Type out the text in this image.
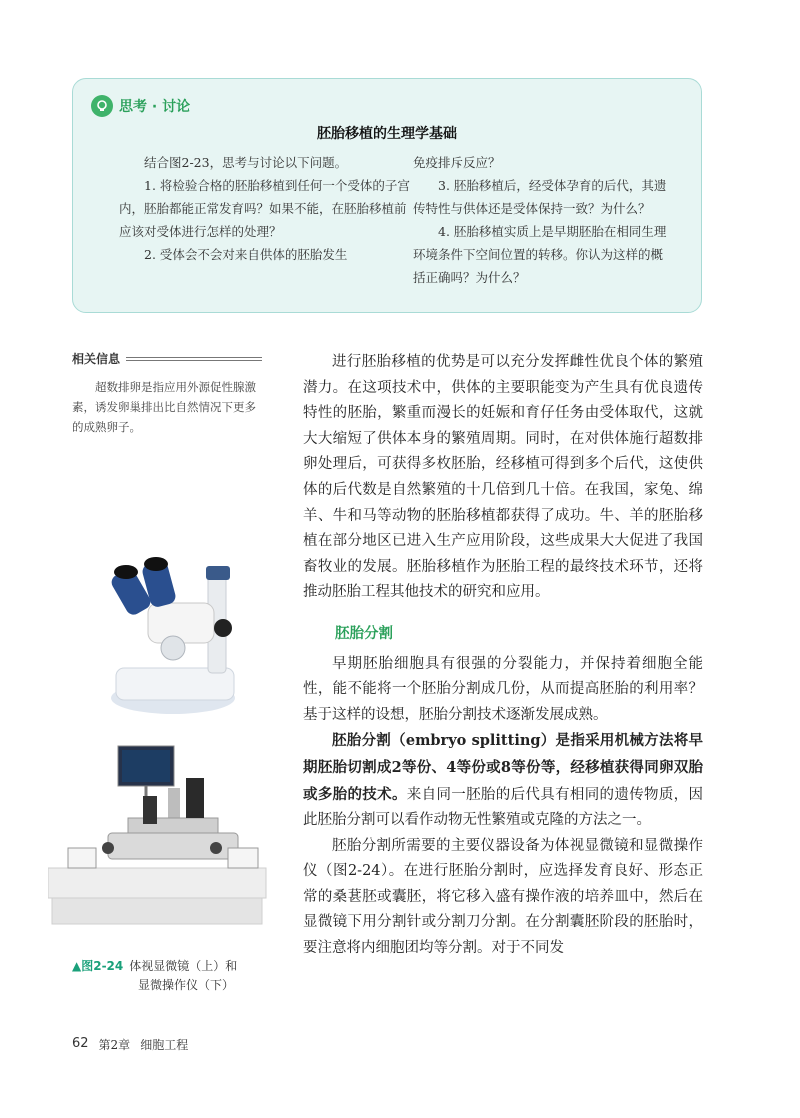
思考 · 讨论
胚胎移植的生理学基础

结合图2-23，思考与讨论以下问题。

1. 将检验合格的胚胎移植到任何一个受体的子宫内，胚胎都能正常发育吗？如果不能，在胚胎移植前应该对受体进行怎样的处理？

2. 受体会不会对来自供体的胚胎发生

免疫排斥反应？

3. 胚胎移植后，经受体孕育的后代，其遗传特性与供体还是受体保持一致？为什么？

4. 胚胎移植实质上是早期胚胎在相同生理环境条件下空间位置的转移。你认为这样的概括正确吗？为什么？

相关信息
超数排卵是指应用外源促性腺激素，诱发卵巢排出比自然情况下更多的成熟卵子。
▲图2-24 体视显微镜（上）和
显微操作仪（下）

进行胚胎移植的优势是可以充分发挥雌性优良个体的繁殖潜力。在这项技术中，供体的主要职能变为产生具有优良遗传特性的胚胎，繁重而漫长的妊娠和育仔任务由受体取代，这就大大缩短了供体本身的繁殖周期。同时，在对供体施行超数排卵处理后，可获得多枚胚胎，经移植可得到多个后代，这使供体的后代数是自然繁殖的十几倍到几十倍。在我国，家兔、绵羊、牛和马等动物的胚胎移植都获得了成功。牛、羊的胚胎移植在部分地区已进入生产应用阶段，这些成果大大促进了我国畜牧业的发展。胚胎移植作为胚胎工程的最终技术环节，还将推动胚胎工程其他技术的研究和应用。

胚胎分割

早期胚胎细胞具有很强的分裂能力，并保持着细胞全能性，能不能将一个胚胎分割成几份，从而提高胚胎的利用率？基于这样的设想，胚胎分割技术逐渐发展成熟。

胚胎分割（embryo splitting）是指采用机械方法将早期胚胎切割成2等份、4等份或8等份等，经移植获得同卵双胎或多胎的技术。来自同一胚胎的后代具有相同的遗传物质，因此胚胎分割可以看作动物无性繁殖或克隆的方法之一。

胚胎分割所需要的主要仪器设备为体视显微镜和显微操作仪（图2-24）。在进行胚胎分割时，应选择发育良好、形态正常的桑葚胚或囊胚，将它移入盛有操作液的培养皿中，然后在显微镜下用分割针或分割刀分割。在分割囊胚阶段的胚胎时，要注意将内细胞团均等分割。对于不同发

62 第2章 细胞工程
